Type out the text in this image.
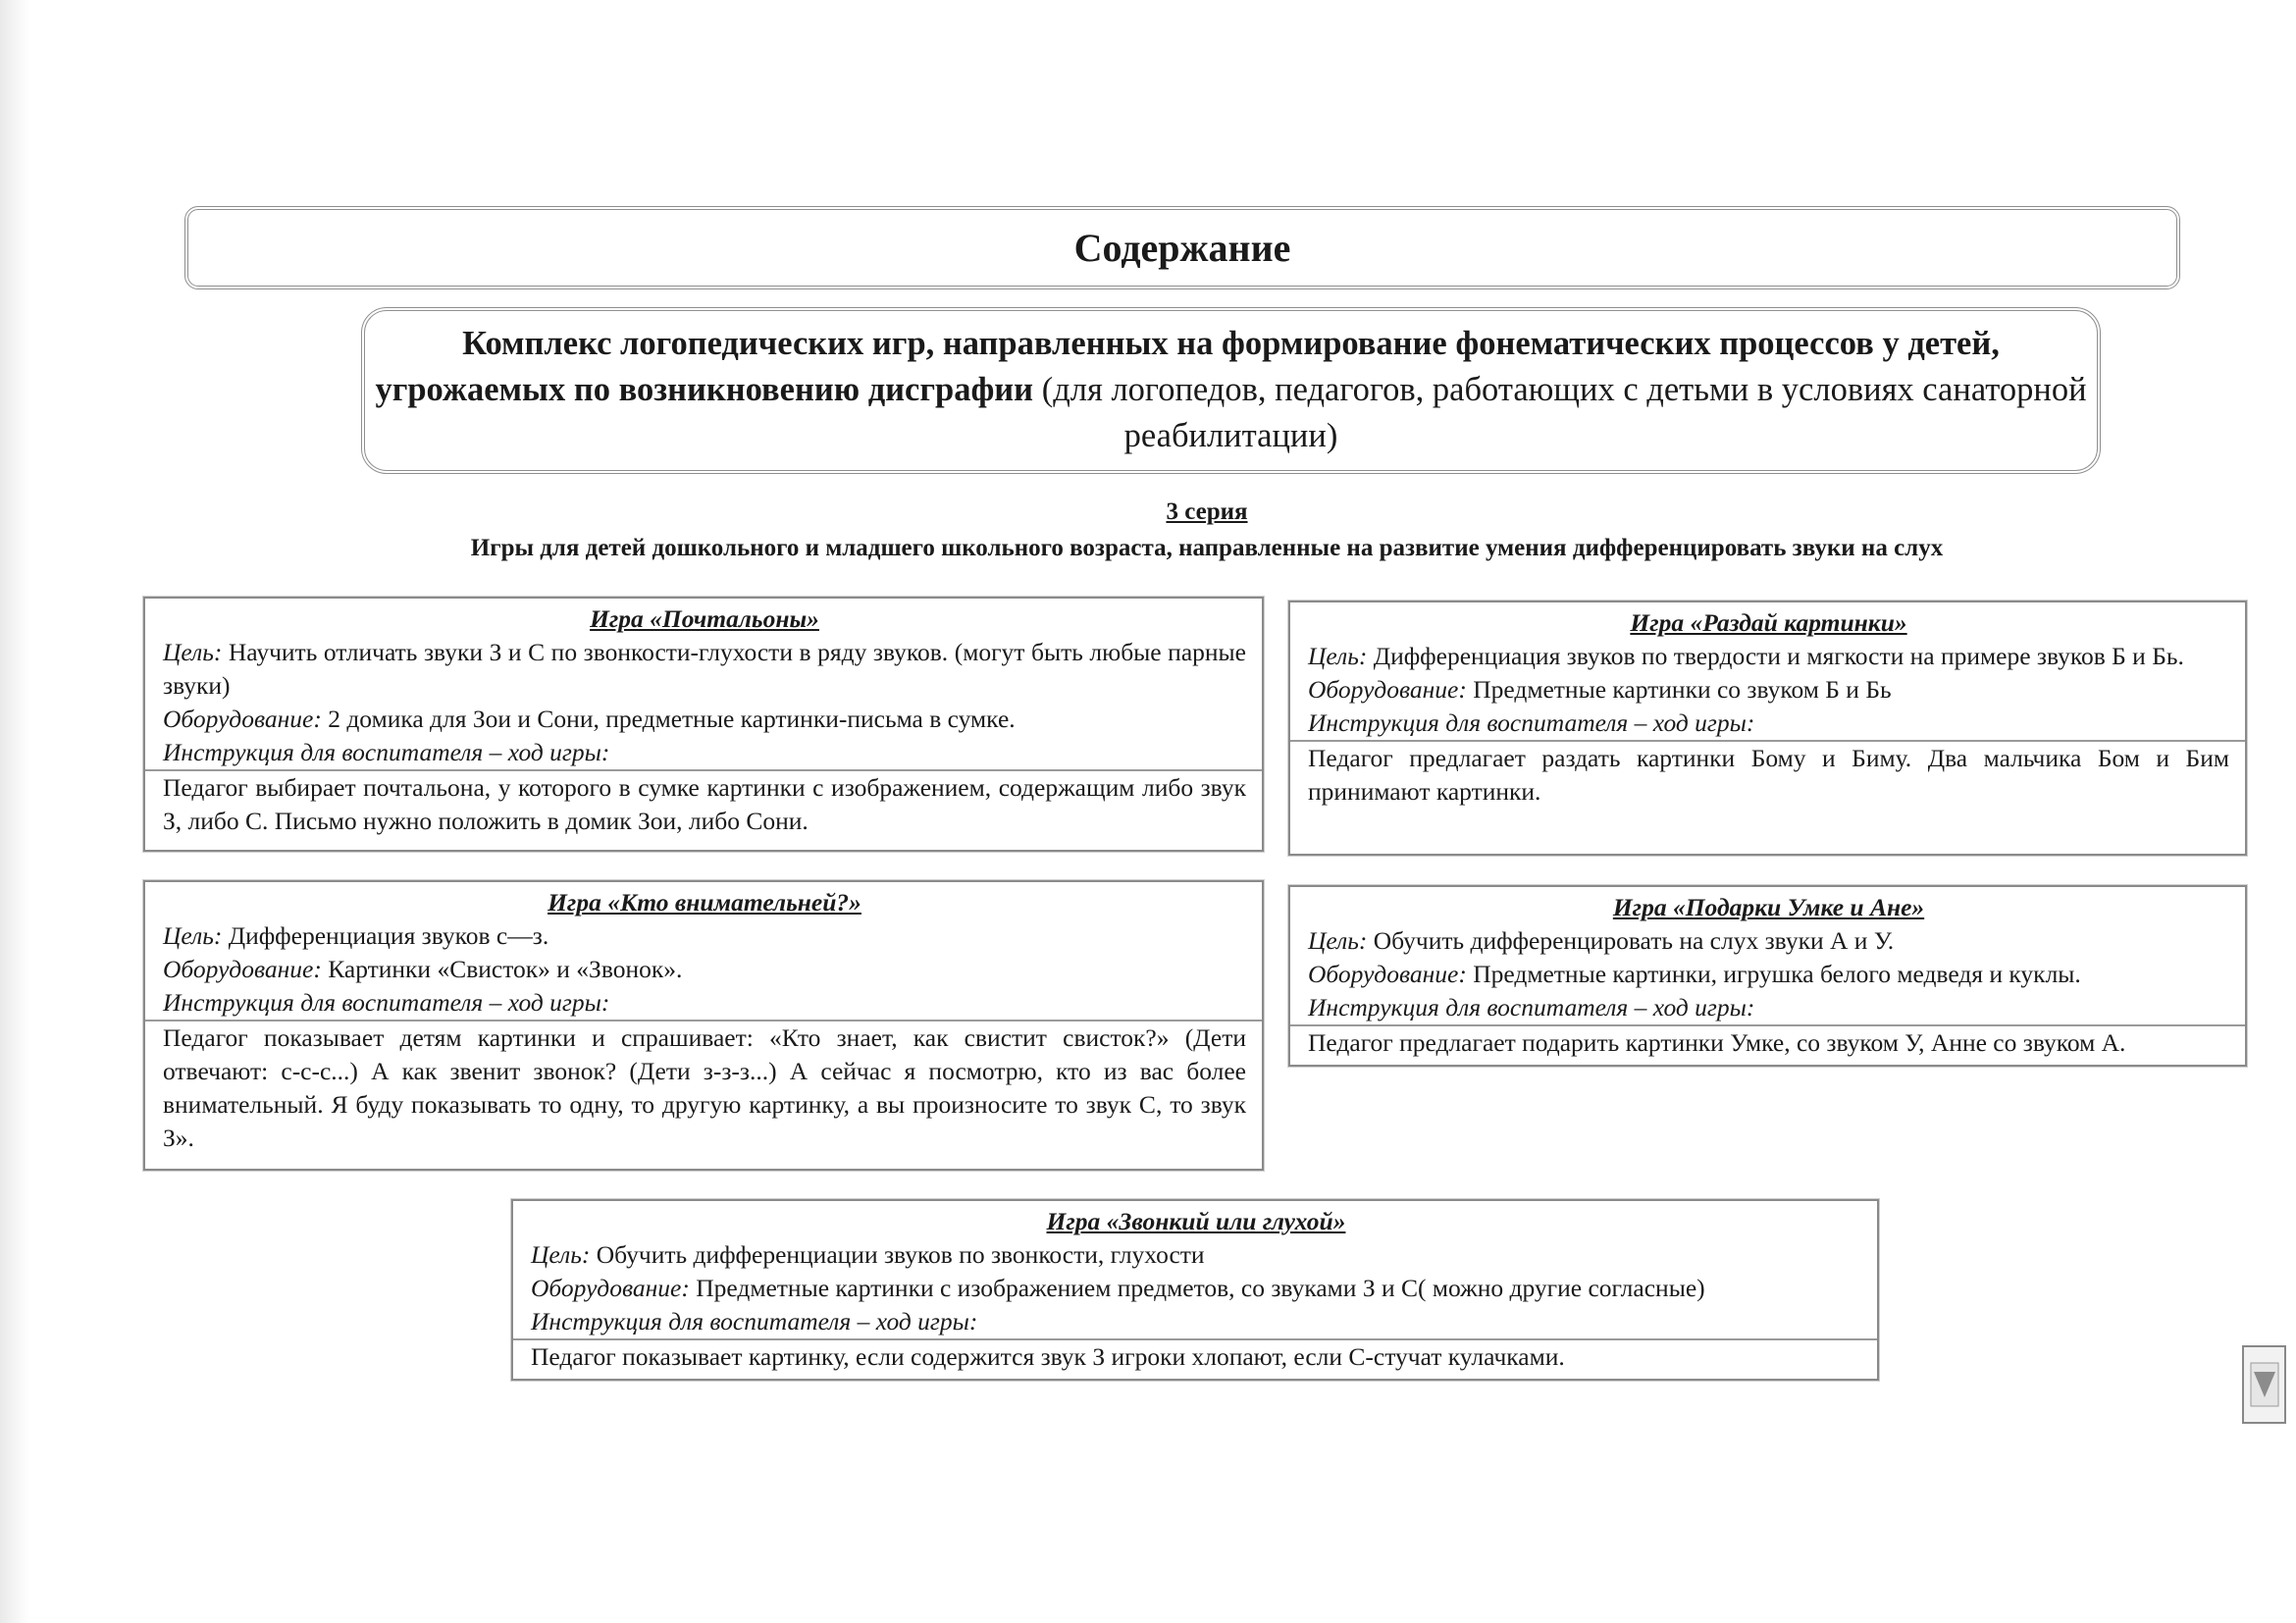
Содержание
Комплекс логопедических игр, направленных на формирование фонематических процессов у детей, угрожаемых по возникновению дисграфии (для логопедов, педагогов, работающих с детьми в условиях санаторной реабилитации)
3 серия
Игры для детей дошкольного и младшего школьного возраста, направленные на развитие умения дифференцировать звуки на слух
Игра «Почтальоны»
Цель: Научить отличать звуки З и С по звонкости-глухости в ряду звуков. (могут быть любые парные звуки)
Оборудование: 2 домика для Зои и Сони, предметные картинки-письма в сумке.
Инструкция для воспитателя – ход игры:
Педагог выбирает почтальона, у которого в сумке картинки с изображением, содержащим либо звук З, либо С. Письмо нужно положить в домик Зои, либо Сони.
Игра «Раздай картинки»
Цель: Дифференциация звуков по твердости и мягкости на примере звуков Б и Бь.
Оборудование: Предметные картинки со звуком Б и Бь
Инструкция для воспитателя – ход игры:
Педагог предлагает раздать картинки Бому и Биму. Два мальчика Бом и Бим принимают картинки.
Игра «Кто внимательней?»
Цель: Дифференциация звуков с—з.
Оборудование: Картинки «Свисток» и «Звонок».
Инструкция для воспитателя – ход игры:
Педагог показывает детям картинки и спрашивает: «Кто знает, как свистит свисток?» (Дети отвечают: с-с-с...) А как звенит звонок? (Дети з-з-з...) А сейчас я посмотрю, кто из вас более внимательный. Я буду показывать то одну, то другую картинку, а вы произносите то звук С, то звук З».
Игра «Подарки Умке и Ане»
Цель: Обучить дифференцировать на слух звуки А и У.
Оборудование: Предметные картинки, игрушка белого медведя и куклы.
Инструкция для воспитателя – ход игры:
Педагог предлагает подарить картинки Умке, со звуком У, Анне со звуком А.
Игра «Звонкий или глухой»
Цель: Обучить дифференциации звуков по звонкости, глухости
Оборудование: Предметные картинки с изображением предметов, со звуками З и С( можно другие согласные)
Инструкция для воспитателя – ход игры:
Педагог показывает картинку, если содержится звук З игроки хлопают, если С-стучат кулачками.
